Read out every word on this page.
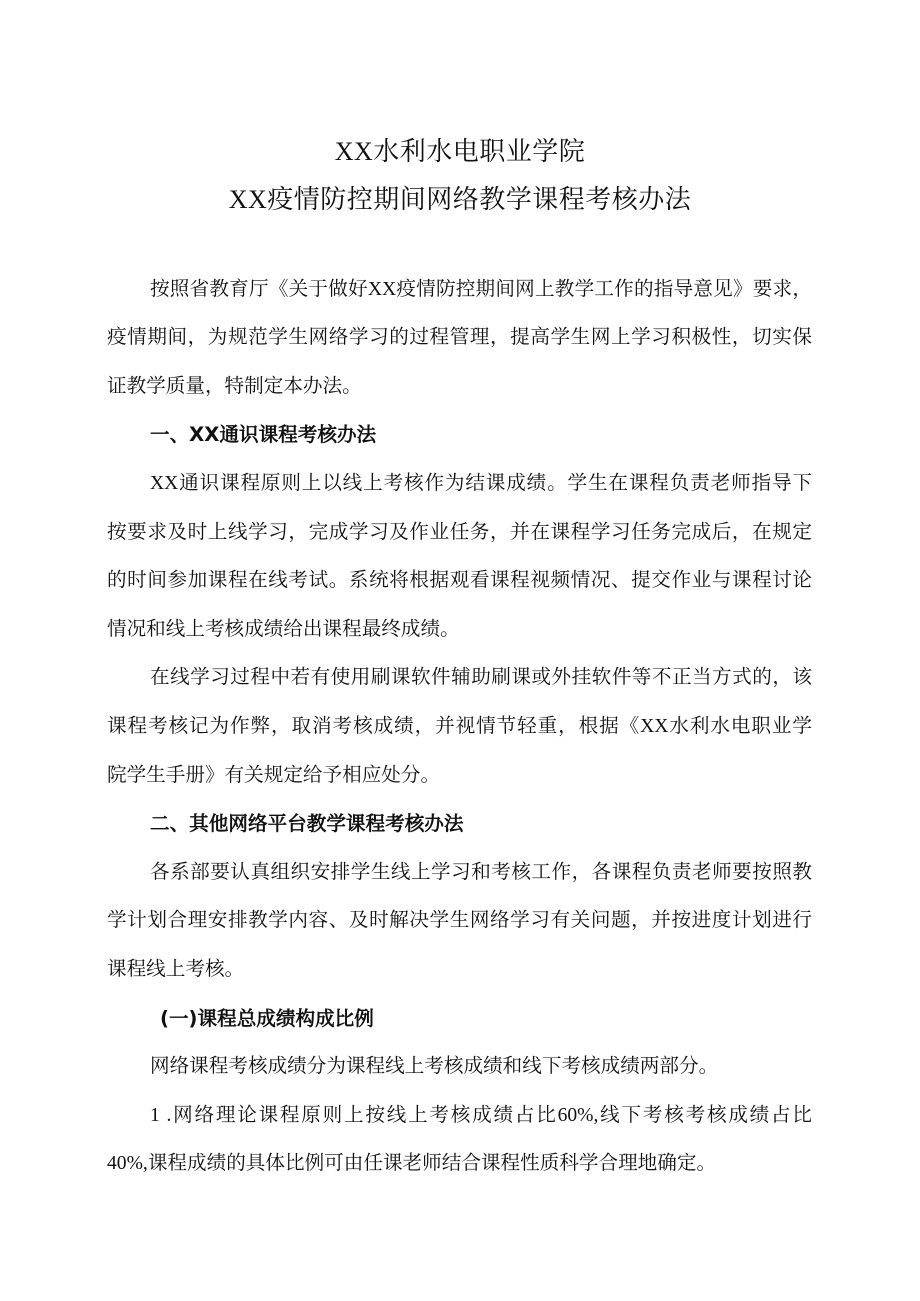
XX水利水电职业学院
XX疫情防控期间网络教学课程考核办法
按照省教育厅《关于做好XX疫情防控期间网上教学工作的指导意见》要求，
疫情期间，为规范学生网络学习的过程管理，提高学生网上学习积极性，切实保
证教学质量，特制定本办法。
一、XX通识课程考核办法
XX通识课程原则上以线上考核作为结课成绩。学生在课程负责老师指导下
按要求及时上线学习，完成学习及作业任务，并在课程学习任务完成后，在规定
的时间参加课程在线考试。系统将根据观看课程视频情况、提交作业与课程讨论
情况和线上考核成绩给出课程最终成绩。
在线学习过程中若有使用刷课软件辅助刷课或外挂软件等不正当方式的，该
课程考核记为作弊，取消考核成绩，并视情节轻重，根据《XX水利水电职业学
院学生手册》有关规定给予相应处分。
二、其他网络平台教学课程考核办法
各系部要认真组织安排学生线上学习和考核工作，各课程负责老师要按照教
学计划合理安排教学内容、及时解决学生网络学习有关问题，并按进度计划进行
课程线上考核。
(一)课程总成绩构成比例
网络课程考核成绩分为课程线上考核成绩和线下考核成绩两部分。
1 .网络理论课程原则上按线上考核成绩占比60%,线下考核考核成绩占比
40%,课程成绩的具体比例可由任课老师结合课程性质科学合理地确定。
